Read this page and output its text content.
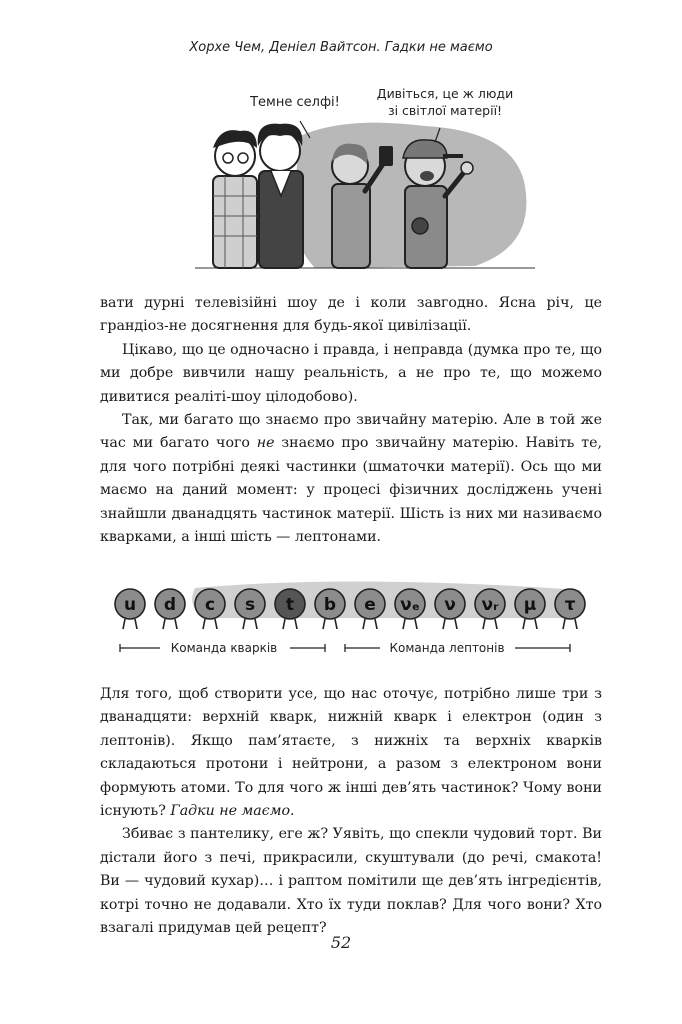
Хорхе Чем, Деніел Вайтсон. Гадки не маємо
Темне селфі!
Дивіться, це ж люди
зі світлої матерії!

вати дурні телевізійні шоу де і коли завгодно. Ясна річ, це грандіоз-не досягнення для будь-якої цивілізації.

Цікаво, що це одночасно і правда, і неправда (думка про те, що ми добре вивчили нашу реальність, а не про те, що можемо дивитися реаліті-шоу цілодобово).

Так, ми багато що знаємо про звичайну матерію. Але в той же час ми багато чого не знаємо про звичайну матерію. Навіть те, для чого потрібні деякі частинки (шматочки матерії). Ось що ми маємо на даний момент: у процесі фізичних досліджень учені знайшли дванадцять частинок матерії. Шість із них ми називаємо кварками, а інші шість — лептонами.

u d c s t b e νₑ ν νᵣ μ τ
Команда кварків	Команда лептонів

Для того, щоб створити усе, що нас оточує, потрібно лише три з дванадцяти: верхній кварк, нижній кварк і електрон (один з лептонів). Якщо пам’ятаєте, з нижніх та верхніх кварків складаються протони і нейтрони, а разом з електроном вони формують атоми. То для чого ж інші дев’ять частинок? Чому вони існують? Гадки не маємо.

Збиває з пантелику, еге ж? Уявіть, що спекли чудовий торт. Ви дістали його з печі, прикрасили, скуштували (до речі, смакота! Ви — чудовий кухар)… і раптом помітили ще дев’ять інгредієнтів, котрі точно не додавали. Хто їх туди поклав? Для чого вони? Хто взагалі придумав цей рецепт?

52
